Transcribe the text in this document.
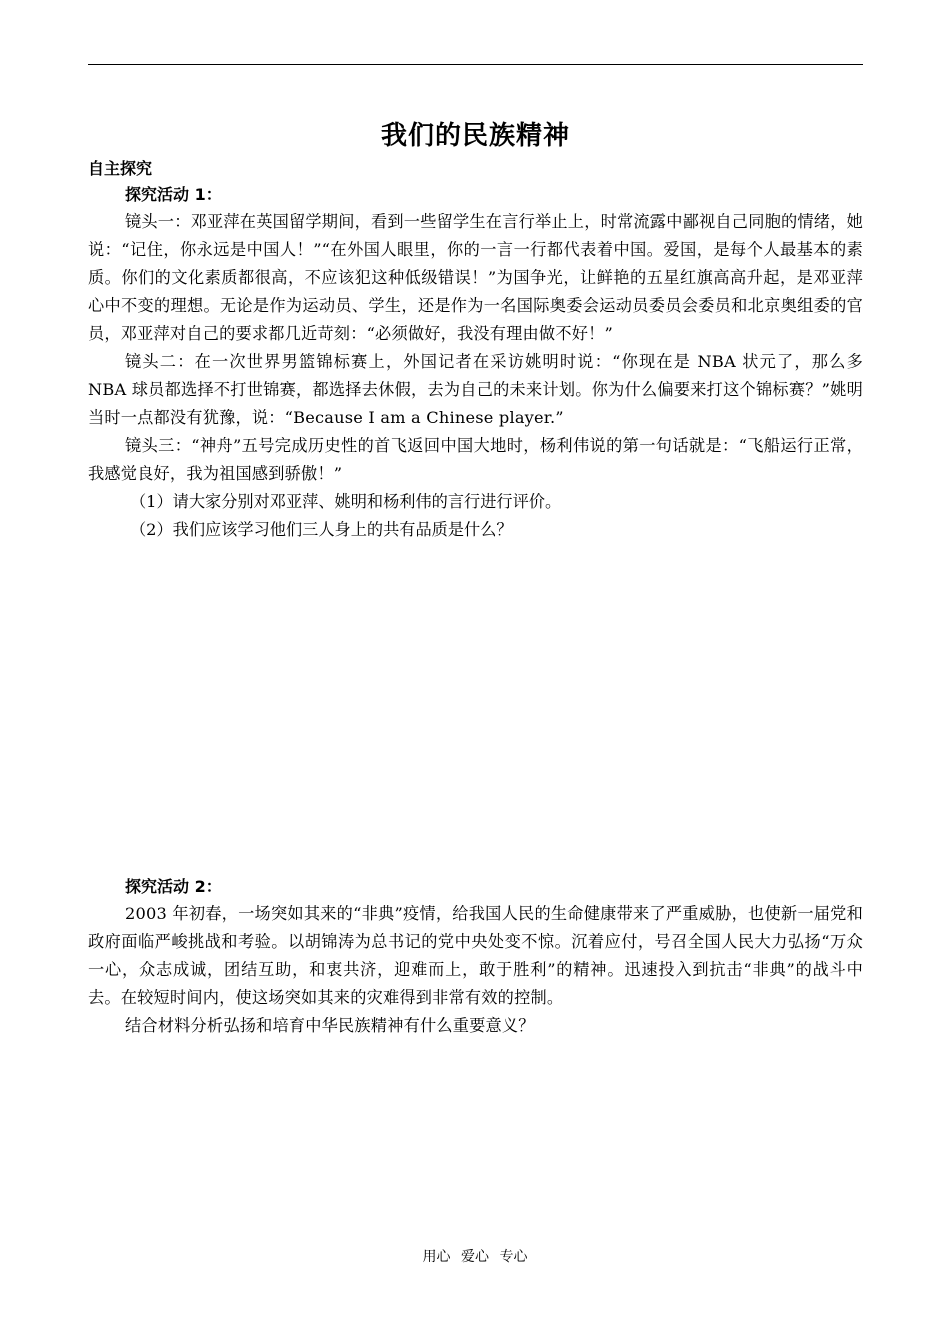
我们的民族精神
自主探究
探究活动 1：

镜头一：邓亚萍在英国留学期间，看到一些留学生在言行举止上，时常流露中鄙视自己同胞的情绪，她说：“记住，你永远是中国人！”“在外国人眼里，你的一言一行都代表着中国。爱国，是每个人最基本的素质。你们的文化素质都很高，不应该犯这种低级错误！”为国争光，让鲜艳的五星红旗高高升起，是邓亚萍心中不变的理想。无论是作为运动员、学生，还是作为一名国际奥委会运动员委员会委员和北京奥组委的官员，邓亚萍对自己的要求都几近苛刻：“必须做好，我没有理由做不好！”

镜头二：在一次世界男篮锦标赛上，外国记者在采访姚明时说：“你现在是 NBA 状元了，那么多 NBA 球员都选择不打世锦赛，都选择去休假，去为自己的未来计划。你为什么偏要来打这个锦标赛？”姚明当时一点都没有犹豫，说：“Because I am a Chinese player.”

镜头三：“神舟”五号完成历史性的首飞返回中国大地时，杨利伟说的第一句话就是：“飞船运行正常，我感觉良好，我为祖国感到骄傲！”

（1）请大家分别对邓亚萍、姚明和杨利伟的言行进行评价。

（2）我们应该学习他们三人身上的共有品质是什么？

探究活动 2：

2003 年初春，一场突如其来的“非典”疫情，给我国人民的生命健康带来了严重威胁，也使新一届党和政府面临严峻挑战和考验。以胡锦涛为总书记的党中央处变不惊。沉着应付，号召全国人民大力弘扬“万众一心，众志成诚，团结互助，和衷共济，迎难而上，敢于胜利”的精神。迅速投入到抗击“非典”的战斗中去。在较短时间内，使这场突如其来的灾难得到非常有效的控制。

结合材料分析弘扬和培育中华民族精神有什么重要意义？

用心 爱心 专心
